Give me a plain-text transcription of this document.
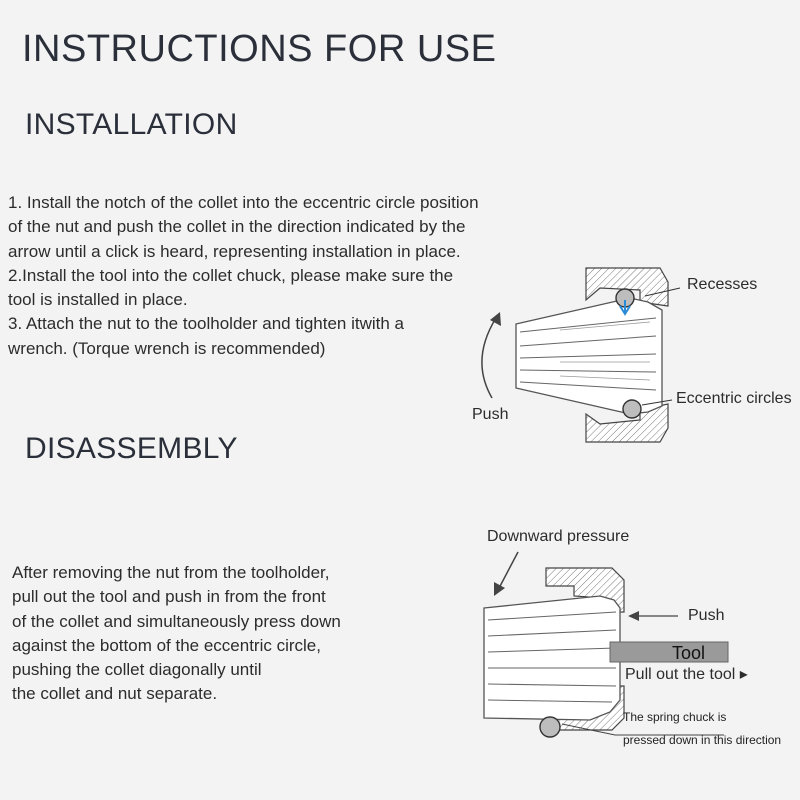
INSTRUCTIONS FOR USE
INSTALLATION
1. Install the notch of the collet into the eccentric circle position
of the nut and push the collet in the direction indicated by the
arrow until a click is heard, representing installation in place.
2.Install the tool into the collet chuck, please make sure the
tool is installed in place.
3. Attach the nut to the toolholder and tighten itwith a
wrench. (Torque wrench is recommended)
Recesses
Eccentric circles
Push
DISASSEMBLY
After removing the nut from the toolholder,
pull out the tool and push in from the front
of the collet and simultaneously press down
against the bottom of the eccentric circle,
pushing the collet diagonally until
the collet and nut separate.
Downward pressure
Push
Tool
Pull out the tool ▸
The spring chuck is
pressed down in this direction
